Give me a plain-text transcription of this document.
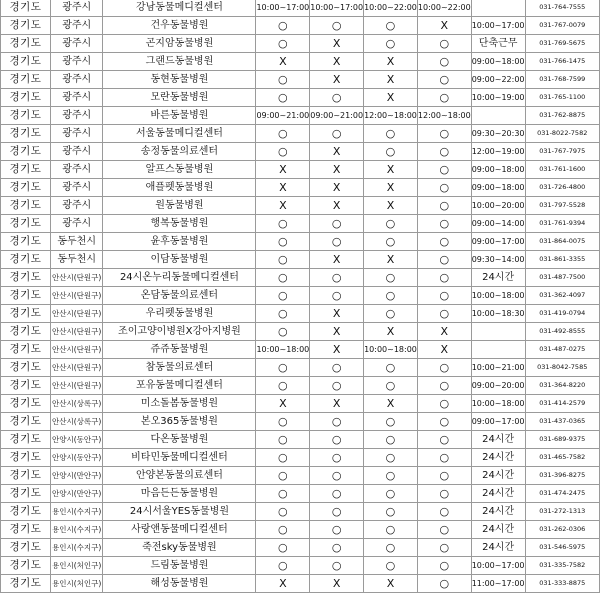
경기도	광주시	강남동물메디컬센터	10:00~17:00	10:00~17:00	10:00~22:00	10:00~22:00		031-764-7555
경기도	광주시	건우동물병원	○	○	○	X	10:00~17:00	031-767-0079
경기도	광주시	곤지암동물병원	○	X	○	○	단축근무	031-769-5675
경기도	광주시	그랜드동물병원	X	X	X	○	09:00~18:00	031-766-1475
경기도	광주시	동현동물병원	○	X	X	○	09:00~22:00	031-768-7599
경기도	광주시	모란동물병원	○	○	X	○	10:00~19:00	031-765-1100
경기도	광주시	바른동물병원	09:00~21:00	09:00~21:00	12:00~18:00	12:00~18:00		031-762-8875
경기도	광주시	서울동물메디컬센터	○	○	○	○	09:30~20:30	031-8022-7582
경기도	광주시	송정동물의료센터	○	X	○	○	12:00~19:00	031-767-7975
경기도	광주시	알프스동물병원	X	X	X	○	09:00~18:00	031-761-1600
경기도	광주시	애플펫동물병원	X	X	X	○	09:00~18:00	031-726-4800
경기도	광주시	원동물병원	X	X	X	○	10:00~20:00	031-797-5528
경기도	광주시	행복동물병원	○	○	○	○	09:00~14:00	031-761-9394
경기도	동두천시	윤후동물병원	○	○	○	○	09:00~17:00	031-864-0075
경기도	동두천시	이담동물병원	○	X	X	○	09:30~14:00	031-861-3355
경기도	안산시(단원구)	24시온누리동물메디컬센터	○	○	○	○	24시간	031-487-7500
경기도	안산시(단원구)	온담동물의료센터	○	○	○	○	10:00~18:00	031-362-4097
경기도	안산시(단원구)	우리펫동물병원	○	X	○	○	10:00~18:30	031-419-0794
경기도	안산시(단원구)	조이고양이병원X강아지병원	○	X	X	X		031-492-8555
경기도	안산시(단원구)	쥬쥬동물병원	10:00~18:00	X	10:00~18:00	X		031-487-0275
경기도	안산시(단원구)	참동물의료센터	○	○	○	○	10:00~21:00	031-8042-7585
경기도	안산시(단원구)	포유동물메디컬센터	○	○	○	○	09:00~20:00	031-364-8220
경기도	안산시(상록구)	미소돌봄동물병원	X	X	X	○	10:00~18:00	031-414-2579
경기도	안산시(상록구)	본오365동물병원	○	○	○	○	09:00~17:00	031-437-0365
경기도	안양시(동안구)	다온동물병원	○	○	○	○	24시간	031-689-9375
경기도	안양시(동안구)	비타민동물메디컬센터	○	○	○	○	24시간	031-465-7582
경기도	안양시(만안구)	안양본동물의료센터	○	○	○	○	24시간	031-396-8275
경기도	안양시(만안구)	마음든든동물병원	○	○	○	○	24시간	031-474-2475
경기도	용인시(수지구)	24시서울YES동물병원	○	○	○	○	24시간	031-272-1313
경기도	용인시(수지구)	사랑앤동물메디컬센터	○	○	○	○	24시간	031-262-0306
경기도	용인시(수지구)	죽전sky동물병원	○	○	○	○	24시간	031-546-5975
경기도	용인시(처인구)	드림동물병원	○	○	○	○	10:00~17:00	031-335-7582
경기도	용인시(처인구)	해성동물병원	X	X	X	○	11:00~17:00	031-333-8875
